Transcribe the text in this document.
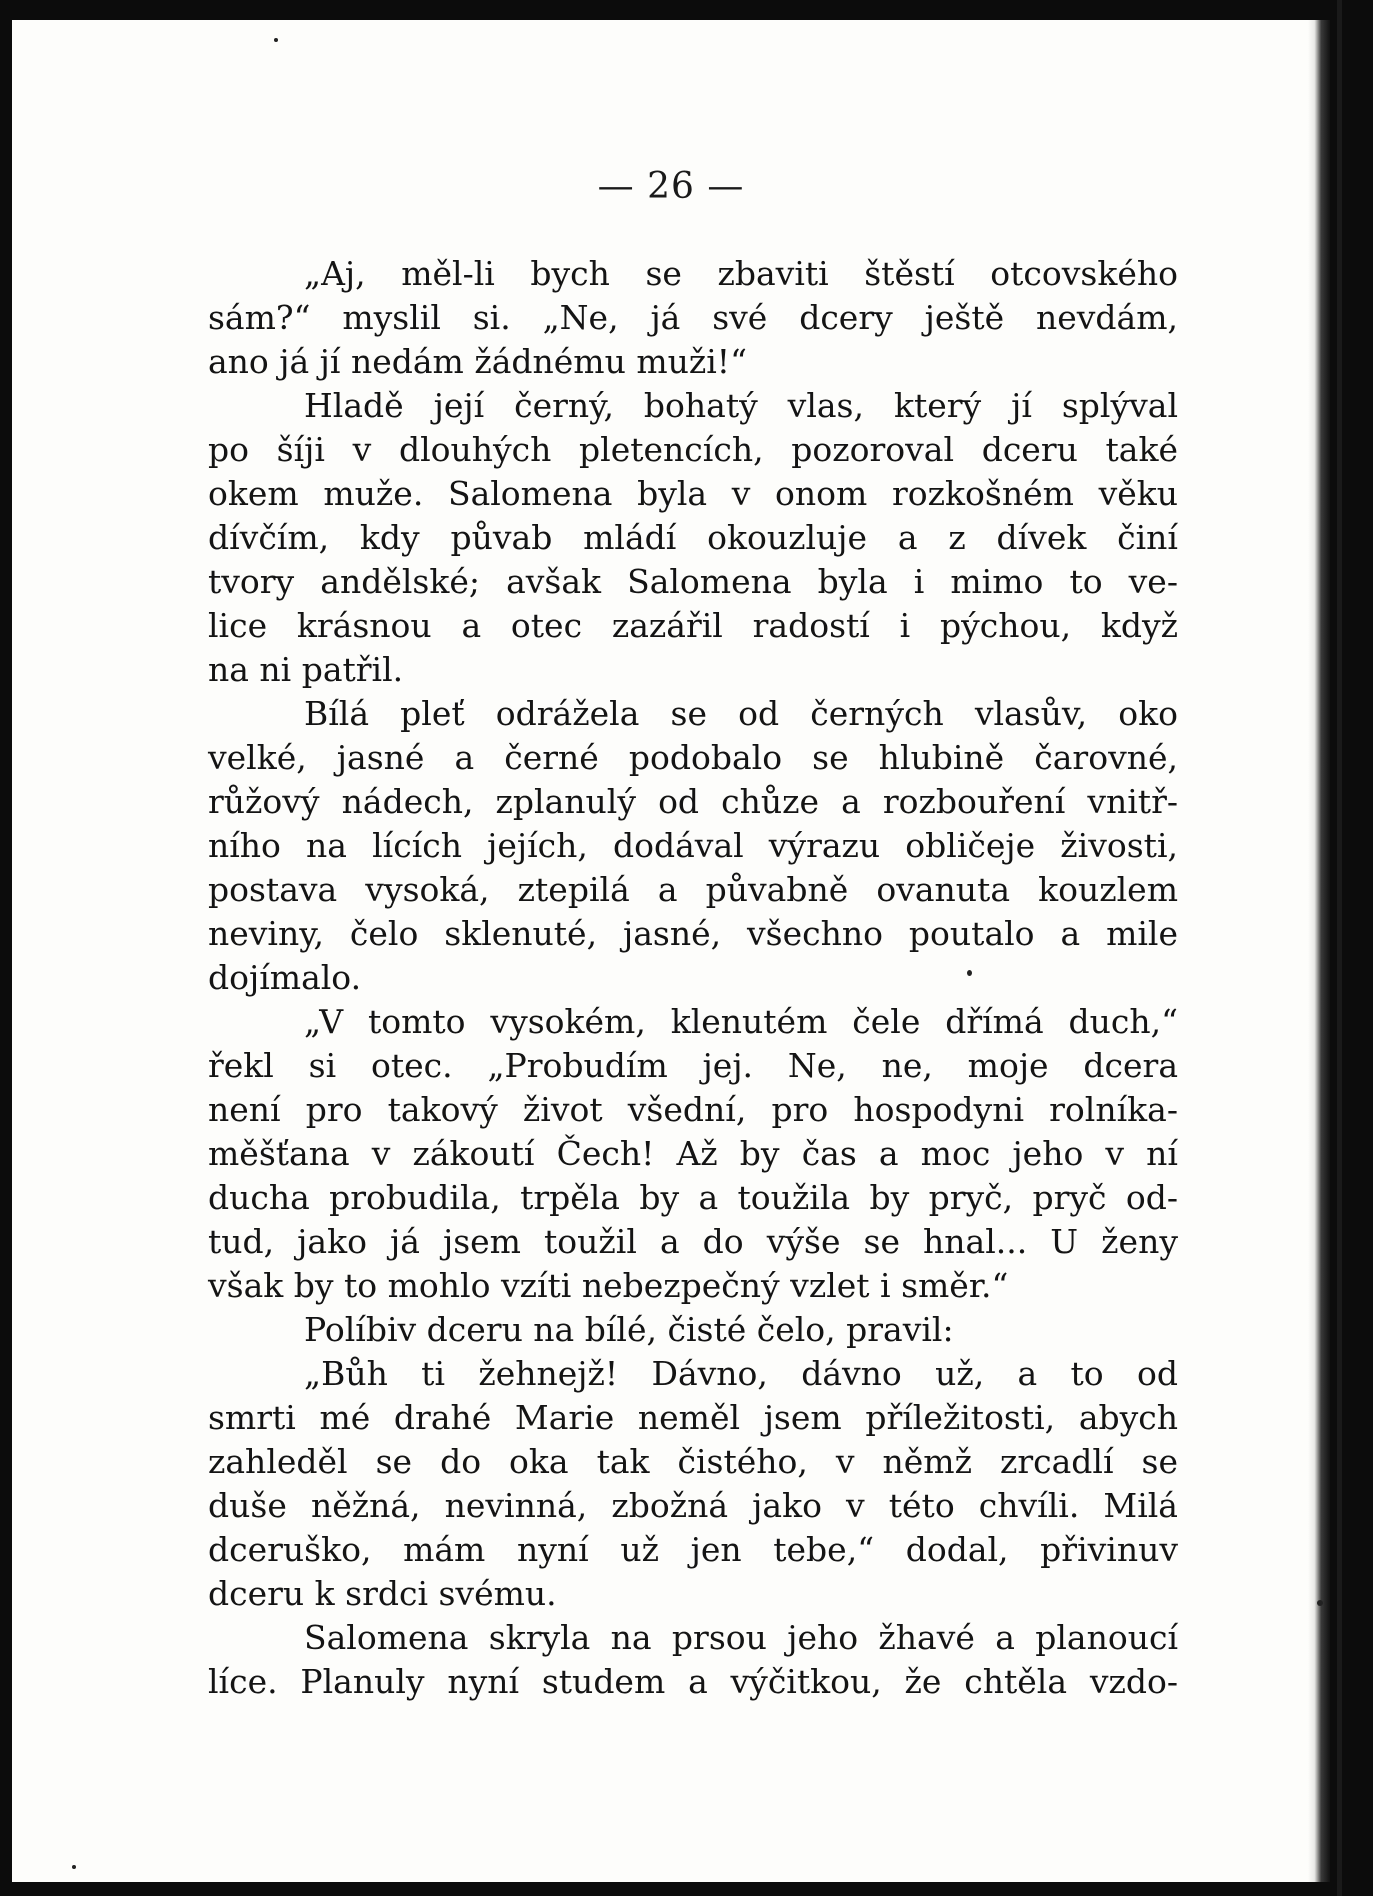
— 26 —
„Aj, měl-li bych se zbaviti štěstí otcovského
sám?“ myslil si. „Ne, já své dcery ještě nevdám,
ano já jí nedám žádnému muži!“
Hladě její černý, bohatý vlas, který jí splýval
po šíji v dlouhých pletencích, pozoroval dceru také
okem muže. Salomena byla v onom rozkošném věku
dívčím, kdy půvab mládí okouzluje a z dívek činí
tvory andělské; avšak Salomena byla i mimo to ve-
lice krásnou a otec zazářil radostí i pýchou, když
na ni patřil.
Bílá pleť odrážela se od černých vlasův, oko
velké, jasné a černé podobalo se hlubině čarovné,
růžový nádech, zplanulý od chůze a rozbouření vnitř-
ního na lících jejích, dodával výrazu obličeje živosti,
postava vysoká, ztepilá a půvabně ovanuta kouzlem
neviny, čelo sklenuté, jasné, všechno poutalo a mile
dojímalo.
„V tomto vysokém, klenutém čele dřímá duch,“
řekl si otec. „Probudím jej. Ne, ne, moje dcera
není pro takový život všední, pro hospodyni rolníka-
měšťana v zákoutí Čech! Až by čas a moc jeho v ní
ducha probudila, trpěla by a toužila by pryč, pryč od-
tud, jako já jsem toužil a do výše se hnal... U ženy
však by to mohlo vzíti nebezpečný vzlet i směr.“
Políbiv dceru na bílé, čisté čelo, pravil:
„Bůh ti žehnejž! Dávno, dávno už, a to od
smrti mé drahé Marie neměl jsem příležitosti, abych
zahleděl se do oka tak čistého, v němž zrcadlí se
duše něžná, nevinná, zbožná jako v této chvíli. Milá
dceruško, mám nyní už jen tebe,“ dodal, přivinuv
dceru k srdci svému.
Salomena skryla na prsou jeho žhavé a planoucí
líce. Planuly nyní studem a výčitkou, že chtěla vzdo-
